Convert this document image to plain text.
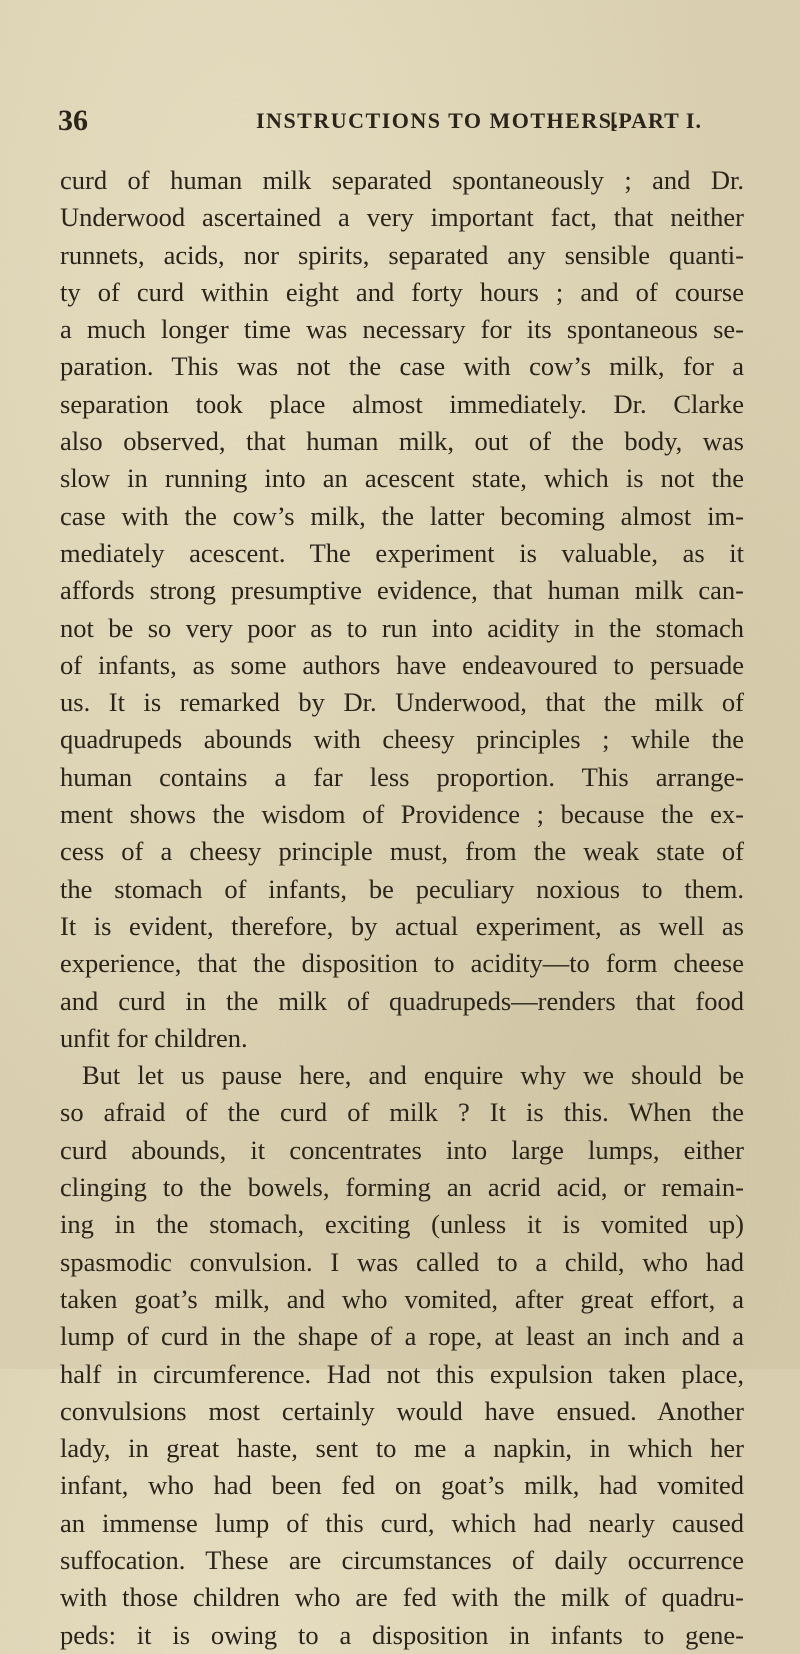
36	INSTRUCTIONS TO MOTHERS.
[PART I.
curd of human milk separated spontaneously ; and Dr.
Underwood ascertained a very important fact, that neither
runnets, acids, nor spirits, separated any sensible quanti-
ty of curd within eight and forty hours ; and of course
a much longer time was necessary for its spontaneous se-
paration. This was not the case with cow’s milk, for a
separation took place almost immediately. Dr. Clarke
also observed, that human milk, out of the body, was
slow in running into an acescent state, which is not the
case with the cow’s milk, the latter becoming almost im-
mediately acescent. The experiment is valuable, as it
affords strong presumptive evidence, that human milk can-
not be so very poor as to run into acidity in the stomach
of infants, as some authors have endeavoured to persuade
us. It is remarked by Dr. Underwood, that the milk of
quadrupeds abounds with cheesy principles ; while the
human contains a far less proportion. This arrange-
ment shows the wisdom of Providence ; because the ex-
cess of a cheesy principle must, from the weak state of
the stomach of infants, be peculiary noxious to them.
It is evident, therefore, by actual experiment, as well as
experience, that the disposition to acidity—to form cheese
and curd in the milk of quadrupeds—renders that food
unfit for children.
But let us pause here, and enquire why we should be
so afraid of the curd of milk ? It is this. When the
curd abounds, it concentrates into large lumps, either
clinging to the bowels, forming an acrid acid, or remain-
ing in the stomach, exciting (unless it is vomited up)
spasmodic convulsion. I was called to a child, who had
taken goat’s milk, and who vomited, after great effort, a
lump of curd in the shape of a rope, at least an inch and a
half in circumference. Had not this expulsion taken place,
convulsions most certainly would have ensued. Another
lady, in great haste, sent to me a napkin, in which her
infant, who had been fed on goat’s milk, had vomited
an immense lump of this curd, which had nearly caused
suffocation. These are circumstances of daily occurrence
with those children who are fed with the milk of quadru-
peds: it is owing to a disposition in infants to gene-
